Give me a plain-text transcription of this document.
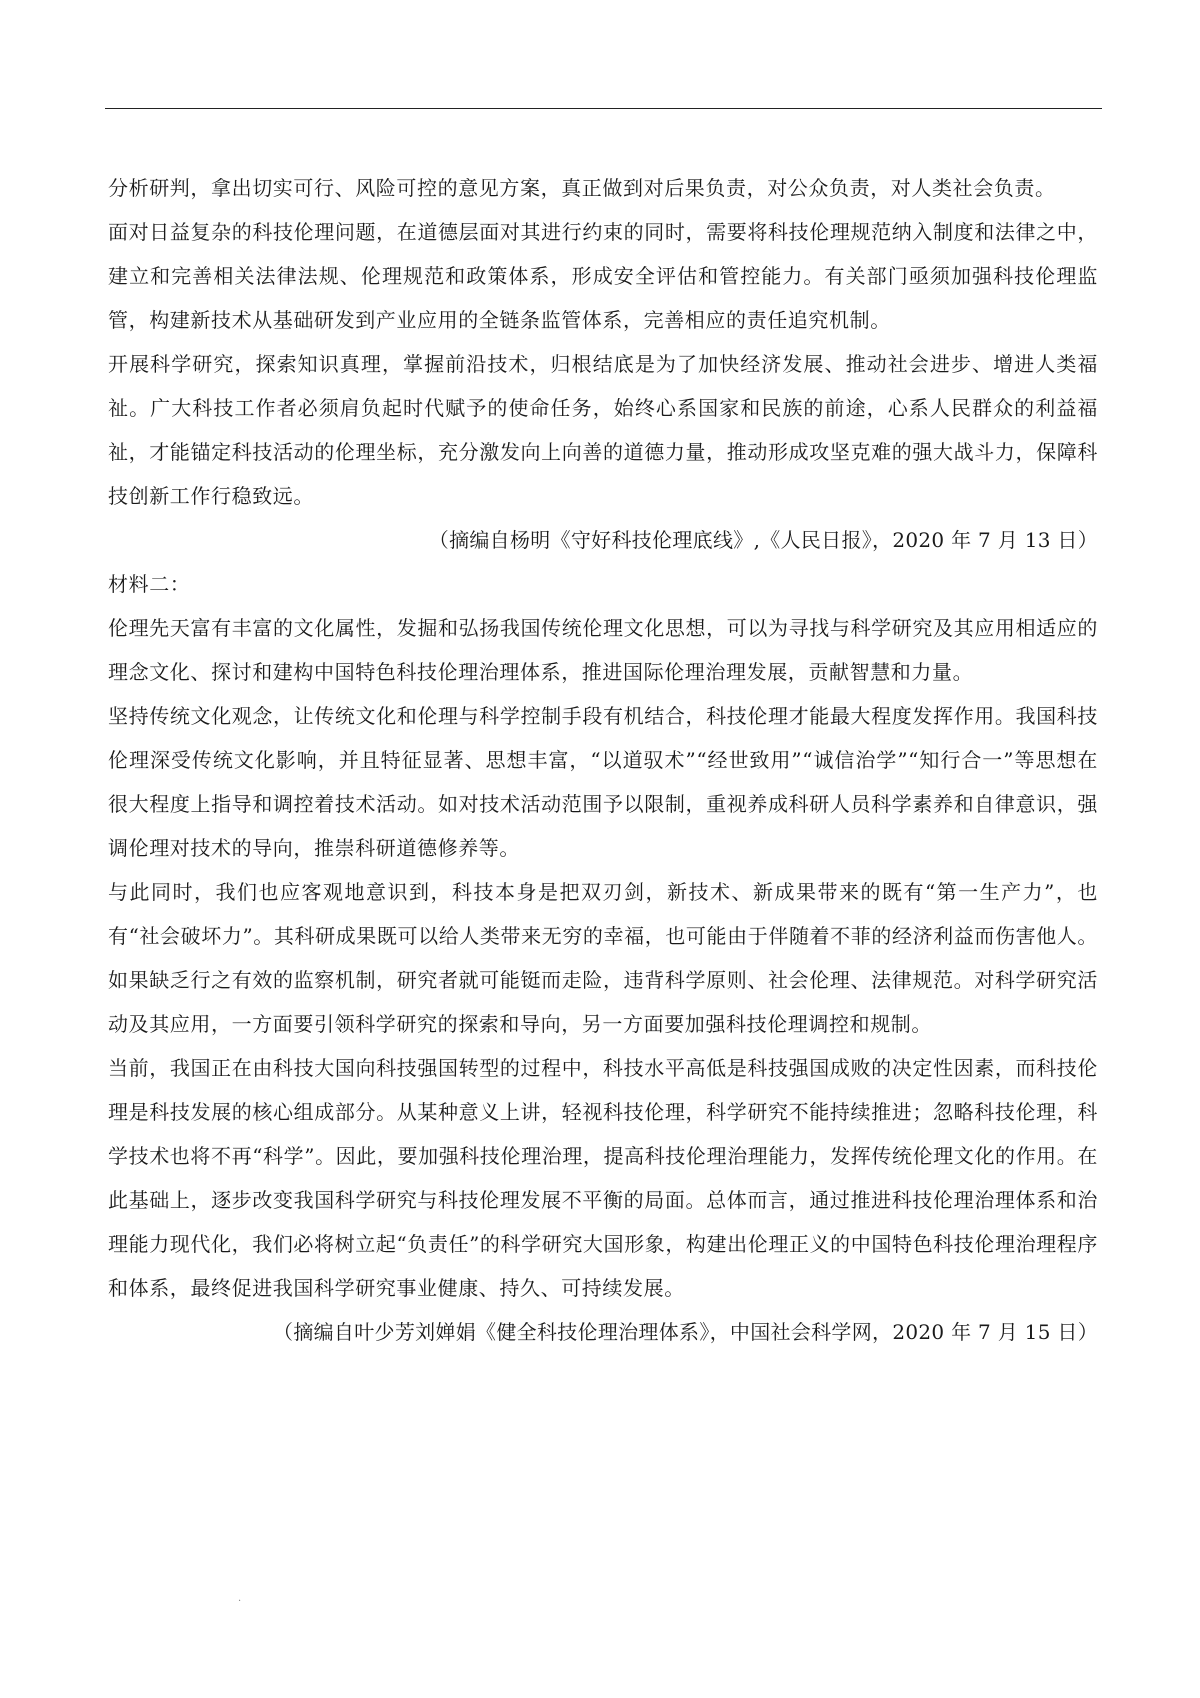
分析研判，拿出切实可行、风险可控的意见方案，真正做到对后果负责，对公众负责，对人类社会负责。

面对日益复杂的科技伦理问题，在道德层面对其进行约束的同时，需要将科技伦理规范纳入制度和法律之中，建立和完善相关法律法规、伦理规范和政策体系，形成安全评估和管控能力。有关部门亟须加强科技伦理监管，构建新技术从基础研发到产业应用的全链条监管体系，完善相应的责任追究机制。

开展科学研究，探索知识真理，掌握前沿技术，归根结底是为了加快经济发展、推动社会进步、增进人类福祉。广大科技工作者必须肩负起时代赋予的使命任务，始终心系国家和民族的前途，心系人民群众的利益福祉，才能锚定科技活动的伦理坐标，充分激发向上向善的道德力量，推动形成攻坚克难的强大战斗力，保障科技创新工作行稳致远。

（摘编自杨明《守好科技伦理底线》,《人民日报》，2020 年 7 月 13 日）

材料二：

伦理先天富有丰富的文化属性，发掘和弘扬我国传统伦理文化思想，可以为寻找与科学研究及其应用相适应的理念文化、探讨和建构中国特色科技伦理治理体系，推进国际伦理治理发展，贡献智慧和力量。

坚持传统文化观念，让传统文化和伦理与科学控制手段有机结合，科技伦理才能最大程度发挥作用。我国科技伦理深受传统文化影响，并且特征显著、思想丰富，“以道驭术”“经世致用”“诚信治学”“知行合一”等思想在很大程度上指导和调控着技术活动。如对技术活动范围予以限制，重视养成科研人员科学素养和自律意识，强调伦理对技术的导向，推崇科研道德修养等。

与此同时，我们也应客观地意识到，科技本身是把双刃剑，新技术、新成果带来的既有“第一生产力”，也有“社会破坏力”。其科研成果既可以给人类带来无穷的幸福，也可能由于伴随着不菲的经济利益而伤害他人。如果缺乏行之有效的监察机制，研究者就可能铤而走险，违背科学原则、社会伦理、法律规范。对科学研究活动及其应用，一方面要引领科学研究的探索和导向，另一方面要加强科技伦理调控和规制。

当前，我国正在由科技大国向科技强国转型的过程中，科技水平高低是科技强国成败的决定性因素，而科技伦理是科技发展的核心组成部分。从某种意义上讲，轻视科技伦理，科学研究不能持续推进；忽略科技伦理，科学技术也将不再“科学”。因此，要加强科技伦理治理，提高科技伦理治理能力，发挥传统伦理文化的作用。在此基础上，逐步改变我国科学研究与科技伦理发展不平衡的局面。总体而言，通过推进科技伦理治理体系和治理能力现代化，我们必将树立起“负责任”的科学研究大国形象，构建出伦理正义的中国特色科技伦理治理程序和体系，最终促进我国科学研究事业健康、持久、可持续发展。

（摘编自叶少芳刘婵娟《健全科技伦理治理体系》，中国社会科学网，2020 年 7 月 15 日）

·
